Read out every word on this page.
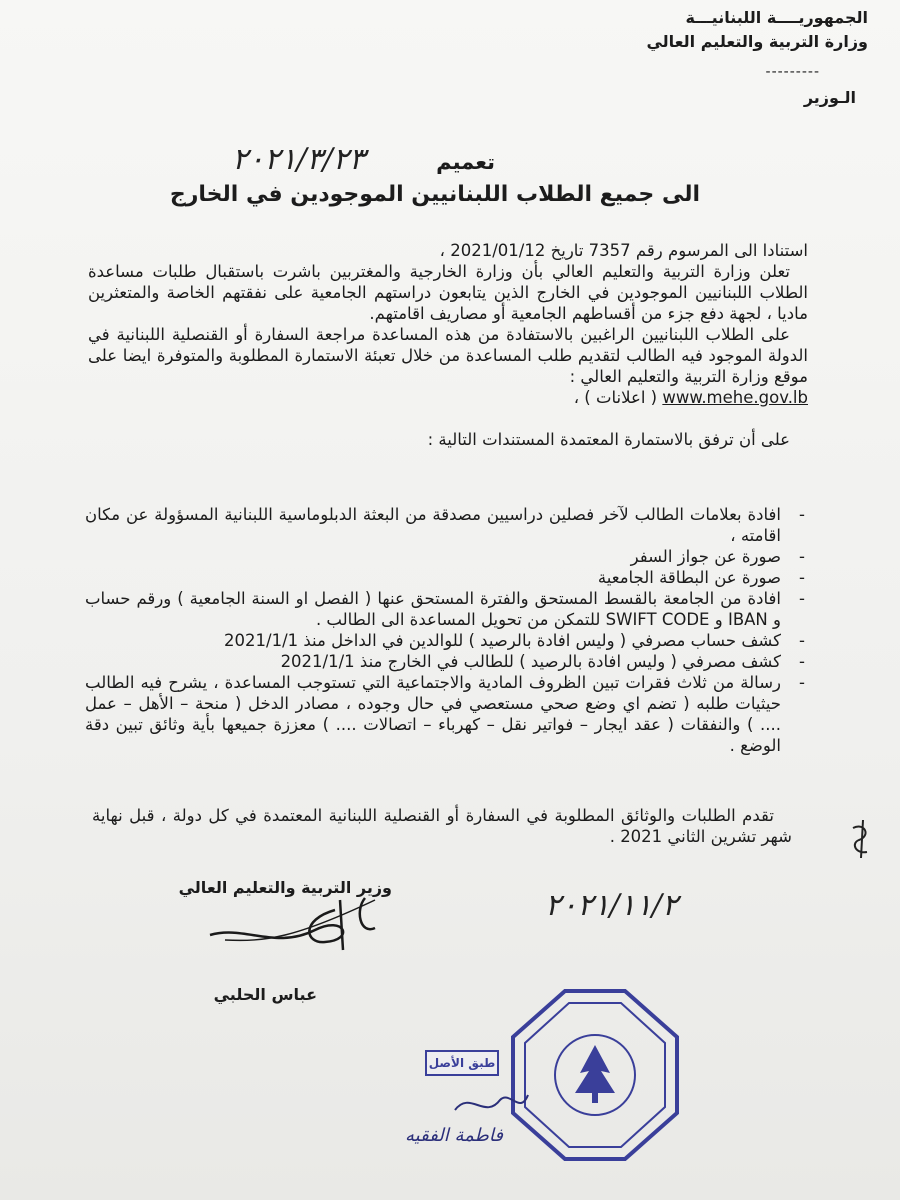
الجمهوريــــة اللبنانيـــة
وزارة التربية والتعليم العالي
---------
الـوزير
٢٠٢١/٣/٢٣	تعميم
الى جميع الطلاب اللبنانيين الموجودين في الخارج

استنادا الى المرسوم رقم 7357 تاريخ 2021/01/12 ،

تعلن وزارة التربية والتعليم العالي بأن وزارة الخارجية والمغتربين باشرت باستقبال طلبات مساعدة الطلاب اللبنانيين الموجودين في الخارج الذين يتابعون دراستهم الجامعية على نفقتهم الخاصة والمتعثرين ماديا ، لجهة دفع جزء من أقساطهم الجامعية أو مصاريف اقامتهم.

على الطلاب اللبنانيين الراغبين بالاستفادة من هذه المساعدة مراجعة السفارة أو القنصلية اللبنانية في الدولة الموجود فيه الطالب لتقديم طلب المساعدة من خلال تعبئة الاستمارة المطلوبة والمتوفرة ايضا على موقع وزارة التربية والتعليم العالي :

www.mehe.gov.lb ( اعلانات ) ،

على أن ترفق بالاستمارة المعتمدة المستندات التالية :

-
افادة بعلامات الطالب لآخر فصلين دراسيين مصدقة من البعثة الدبلوماسية اللبنانية المسؤولة عن مكان اقامته ،
-
صورة عن جواز السفر
-
صورة عن البطاقة الجامعية
-
افادة من الجامعة بالقسط المستحق والفترة المستحق عنها ( الفصل او السنة الجامعية ) ورقم حساب و IBAN و SWIFT CODE للتمكن من تحويل المساعدة الى الطالب .
-
كشف حساب مصرفي ( وليس افادة بالرصيد ) للوالدين في الداخل منذ 2021/1/1
-
كشف مصرفي ( وليس افادة بالرصيد ) للطالب في الخارج منذ 2021/1/1
-
رسالة من ثلاث فقرات تبين الظروف المادية والاجتماعية التي تستوجب المساعدة ، يشرح فيه الطالب حيثيات طلبه ( تضم اي وضع صحي مستعصي في حال وجوده ، مصادر الدخل ( منحة – الأهل – عمل .... ) والنفقات ( عقد ايجار – فواتير نقل – كهرباء – اتصالات .... ) معززة جميعها بأية وثائق تبين دقة الوضع .
تقدم الطلبات والوثائق المطلوبة في السفارة أو القنصلية اللبنانية المعتمدة في كل دولة ، قبل نهاية شهر تشرين الثاني 2021 .
وزير التربية والتعليم العالي
عباس الحلبي
٢٠٢١/١١/٢
طبق الأصل
فاطمة الفقيه
